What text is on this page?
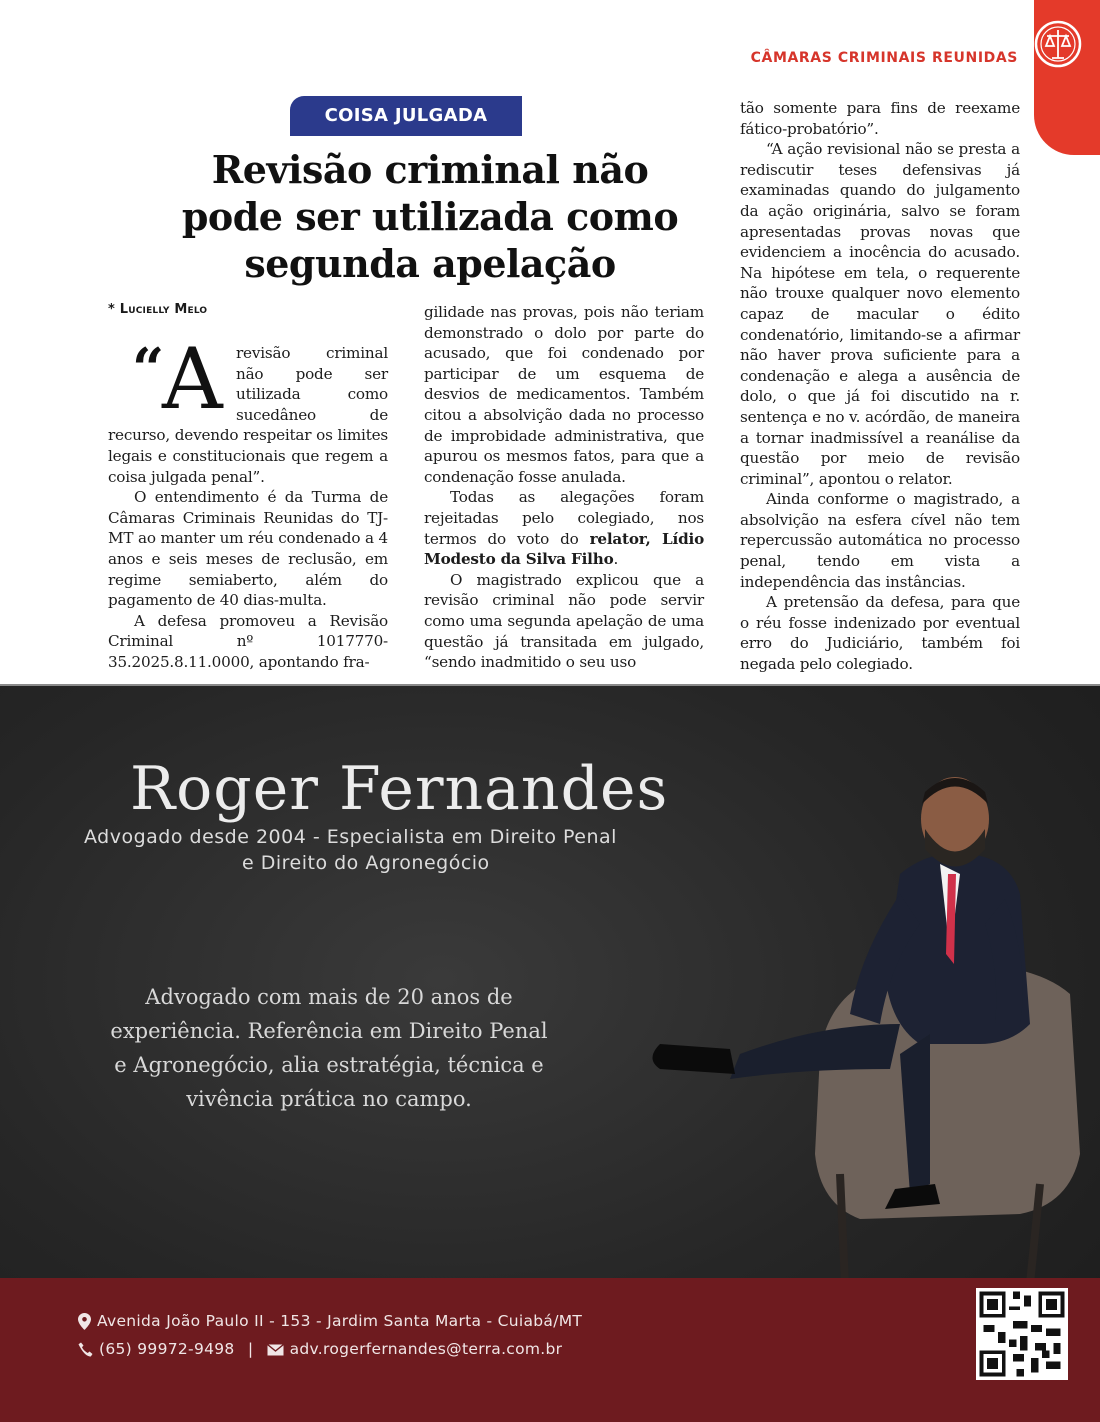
CÂMARAS CRIMINAIS REUNIDAS
COISA JULGADA
Revisão criminal não
pode ser utilizada como
segunda apelação
* Lucielly Melo

“
A revisão criminal não pode ser utilizada como sucedâneo de recurso, devendo respeitar os limites legais e constitucionais que regem a coisa julgada penal”.

O entendimento é da Turma de Câmaras Criminais Reunidas do TJ-MT ao manter um réu condenado a 4 anos e seis meses de reclusão, em regime semiaberto, além do pagamento de 40 dias-multa.

A defesa promoveu a Revisão Criminal nº 1017770-35.2025.8.11.0000, apontando fra-

gilidade nas provas, pois não teriam demonstrado o dolo por parte do acusado, que foi condenado por participar de um esquema de desvios de medicamentos. Também citou a absolvição dada no processo de improbidade administrativa, que apurou os mesmos fatos, para que a condenação fosse anulada.

Todas as alegações foram rejeitadas pelo colegiado, nos termos do voto do relator, Lídio Modesto da Silva Filho.

O magistrado explicou que a revisão criminal não pode servir como uma segunda apelação de uma questão já transitada em julgado, “sendo inadmitido o seu uso

tão somente para fins de reexame fático-probatório”.

“A ação revisional não se presta a rediscutir teses defensivas já examinadas quando do julgamento da ação originária, salvo se foram apresentadas provas novas que evidenciem a inocência do acusado. Na hipótese em tela, o requerente não trouxe qualquer novo elemento capaz de macular o édito condenatório, limitando-se a afirmar não haver prova suficiente para a condenação e alega a ausência de dolo, o que já foi discutido na r. sentença e no v. acórdão, de maneira a tornar inadmissível a reanálise da questão por meio de revisão criminal”, apontou o relator.

Ainda conforme o magistrado, a absolvição na esfera cível não tem repercussão automática no processo penal, tendo em vista a independência das instâncias.

A pretensão da defesa, para que o réu fosse indenizado por eventual erro do Judiciário, também foi negada pelo colegiado.

Roger Fernandes
Advogado desde 2004 - Especialista em Direito Penal
e Direito do Agronegócio

Advogado com mais de 20 anos de
experiência. Referência em Direito Penal
e Agronegócio, alia estratégia, técnica e
vivência prática no campo.

Avenida João Paulo II - 153 - Jardim Santa Marta - Cuiabá/MT
(65) 99972-9498 | adv.rogerfernandes@terra.com.br
